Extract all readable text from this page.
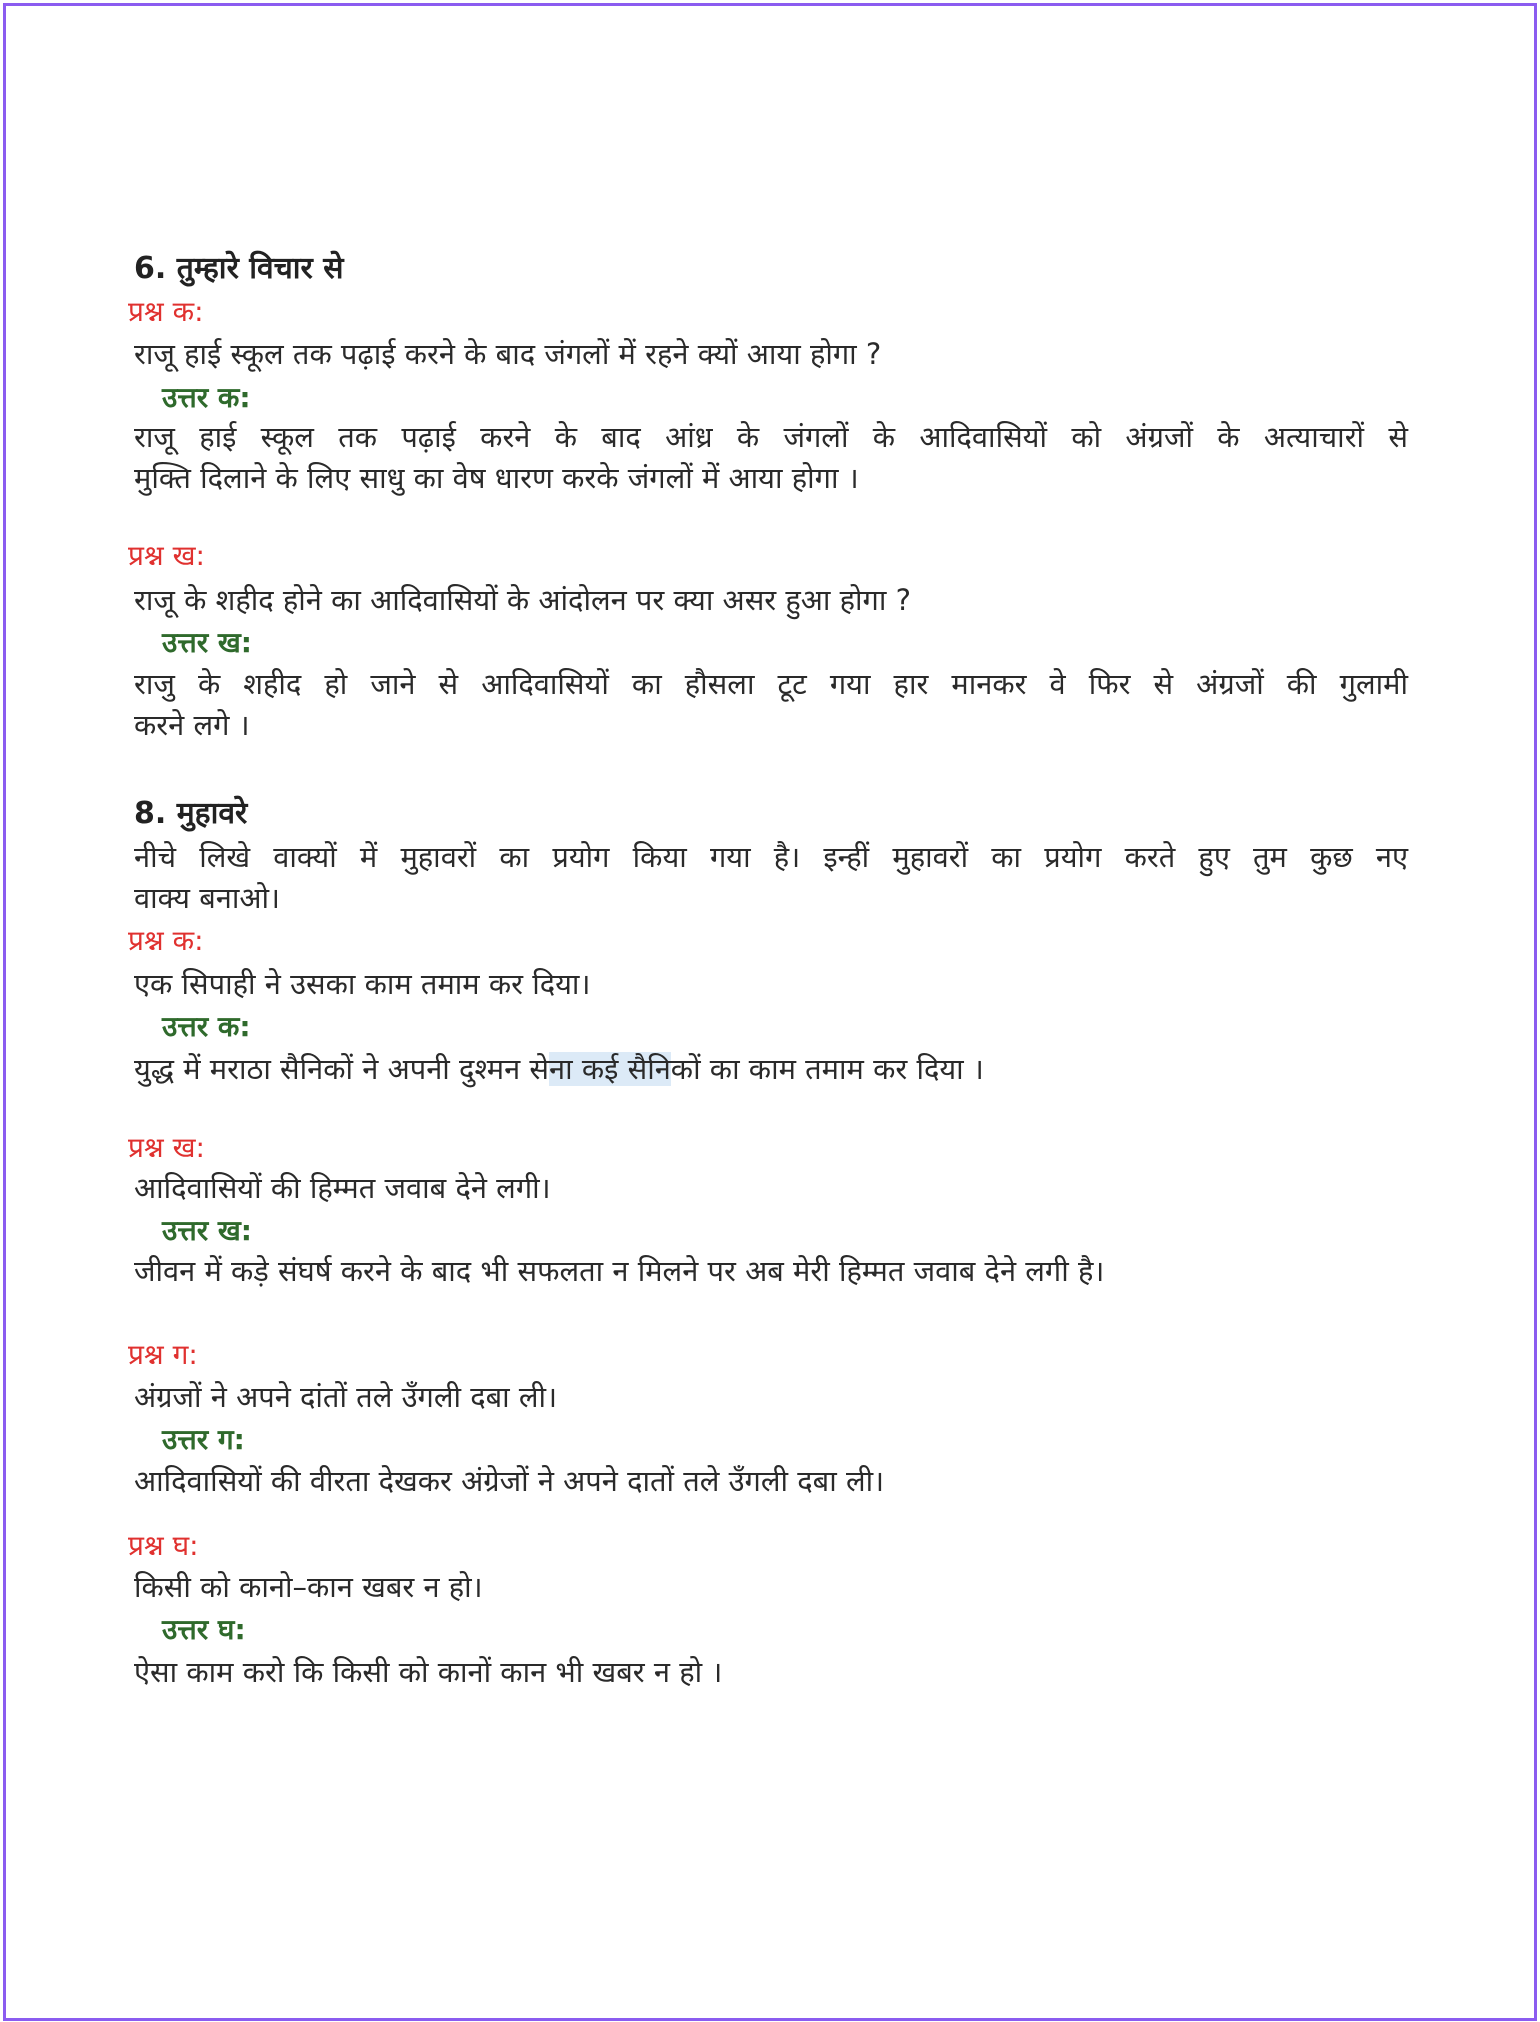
6. तुम्हारे विचार से
प्रश्न क:
राजू हाई स्कूल तक पढ़ाई करने के बाद जंगलों में रहने क्यों आया होगा ?
उत्तर क:
राजू हाई स्कूल तक पढ़ाई करने के बाद आंध्र के जंगलों के आदिवासियों को अंग्रजों के अत्याचारों से
मुक्ति दिलाने के लिए साधु का वेष धारण करके जंगलों में आया होगा ।
प्रश्न ख:
राजू के शहीद होने का आदिवासियों के आंदोलन पर क्या असर हुआ होगा ?
उत्तर ख:
राजु के शहीद हो जाने से आदिवासियों का हौसला टूट गया हार मानकर वे फिर से अंग्रजों की गुलामी
करने लगे ।
8. मुहावरे
नीचे लिखे वाक्यों में मुहावरों का प्रयोग किया गया है। इन्हीं मुहावरों का प्रयोग करते हुए तुम कुछ नए
वाक्य बनाओ।
प्रश्न क:
एक सिपाही ने उसका काम तमाम कर दिया।
उत्तर क:
युद्ध में मराठा सैनिकों ने अपनी दुश्मन सेना कई सैनिकों का काम तमाम कर दिया ।
प्रश्न ख:
आदिवासियों की हिम्मत जवाब देने लगी।
उत्तर ख:
जीवन में कड़े संघर्ष करने के बाद भी सफलता न मिलने पर अब मेरी हिम्मत जवाब देने लगी है।
प्रश्न ग:
अंग्रजों ने अपने दांतों तले उँगली दबा ली।
उत्तर ग:
आदिवासियों की वीरता देखकर अंग्रेजों ने अपने दातों तले उँगली दबा ली।
प्रश्न घ:
किसी को कानो–कान खबर न हो।
उत्तर घ:
ऐसा काम करो कि किसी को कानों कान भी खबर न हो ।
